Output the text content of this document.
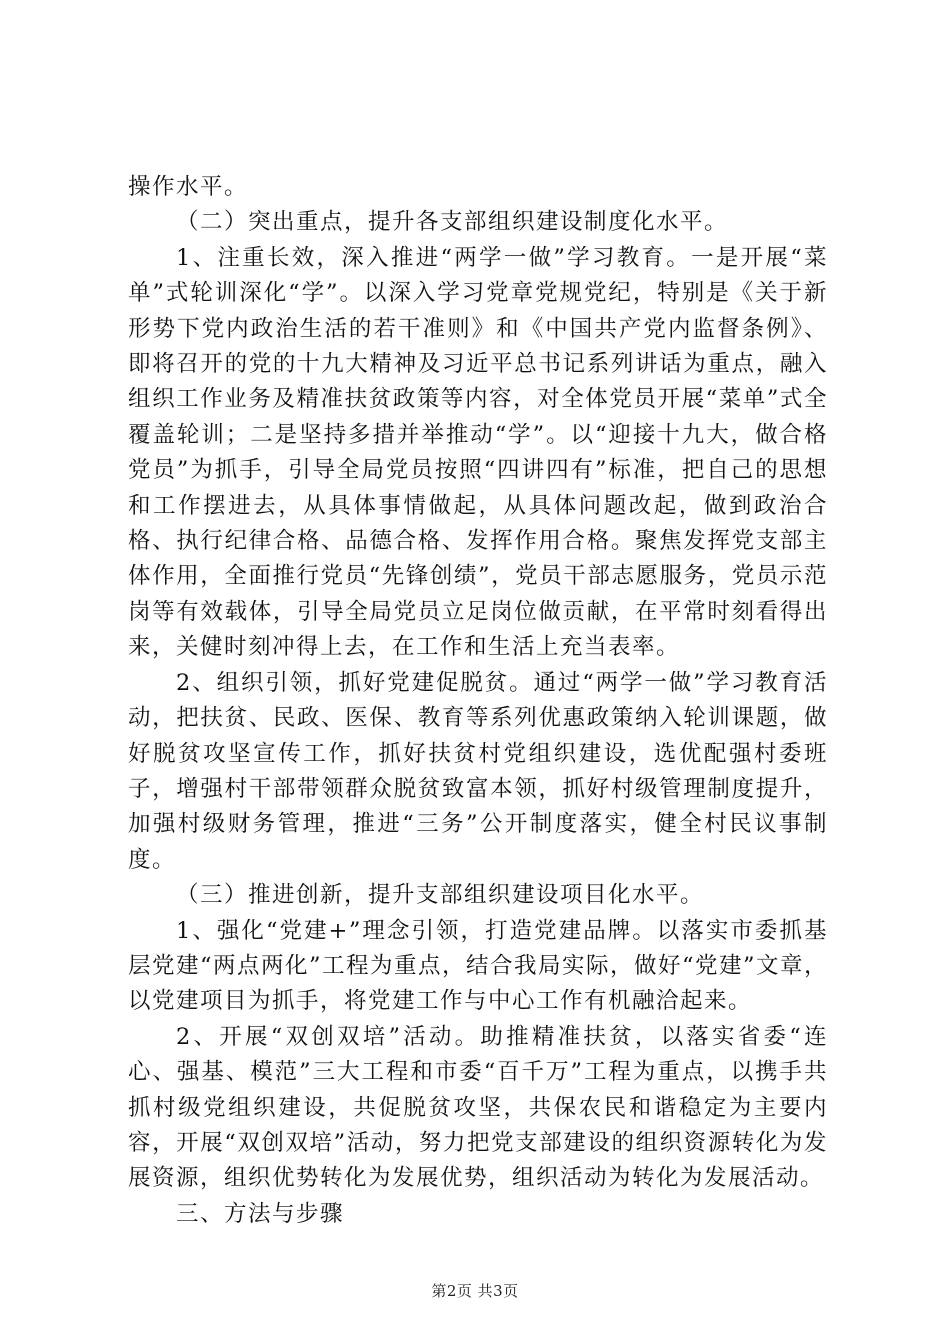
操作水平。

（二）突出重点，提升各支部组织建设制度化水平。

1、注重长效，深入推进“两学一做”学习教育。一是开展“菜单”式轮训深化“学”。以深入学习党章党规党纪，特别是《关于新形势下党内政治生活的若干准则》和《中国共产党内监督条例》、即将召开的党的十九大精神及习近平总书记系列讲话为重点，融入组织工作业务及精准扶贫政策等内容，对全体党员开展“菜单”式全覆盖轮训；二是坚持多措并举推动“学”。以“迎接十九大，做合格党员”为抓手，引导全局党员按照“四讲四有”标准，把自己的思想和工作摆进去，从具体事情做起，从具体问题改起，做到政治合格、执行纪律合格、品德合格、发挥作用合格。聚焦发挥党支部主体作用，全面推行党员“先锋创绩”，党员干部志愿服务，党员示范岗等有效载体，引导全局党员立足岗位做贡献，在平常时刻看得出来，关健时刻冲得上去，在工作和生活上充当表率。

2、组织引领，抓好党建促脱贫。通过“两学一做”学习教育活动，把扶贫、民政、医保、教育等系列优惠政策纳入轮训课题，做好脱贫攻坚宣传工作，抓好扶贫村党组织建设，选优配强村委班子，增强村干部带领群众脱贫致富本领，抓好村级管理制度提升，加强村级财务管理，推进“三务”公开制度落实，健全村民议事制度。

（三）推进创新，提升支部组织建设项目化水平。

1、强化“党建+”理念引领，打造党建品牌。以落实市委抓基层党建“两点两化”工程为重点，结合我局实际，做好“党建”文章，以党建项目为抓手，将党建工作与中心工作有机融洽起来。

2、开展“双创双培”活动。助推精准扶贫，以落实省委“连心、强基、模范”三大工程和市委“百千万”工程为重点，以携手共抓村级党组织建设，共促脱贫攻坚，共保农民和谐稳定为主要内容，开展“双创双培”活动，努力把党支部建设的组织资源转化为发展资源，组织优势转化为发展优势，组织活动为转化为发展活动。

三、方法与步骤

第2页 共3页
